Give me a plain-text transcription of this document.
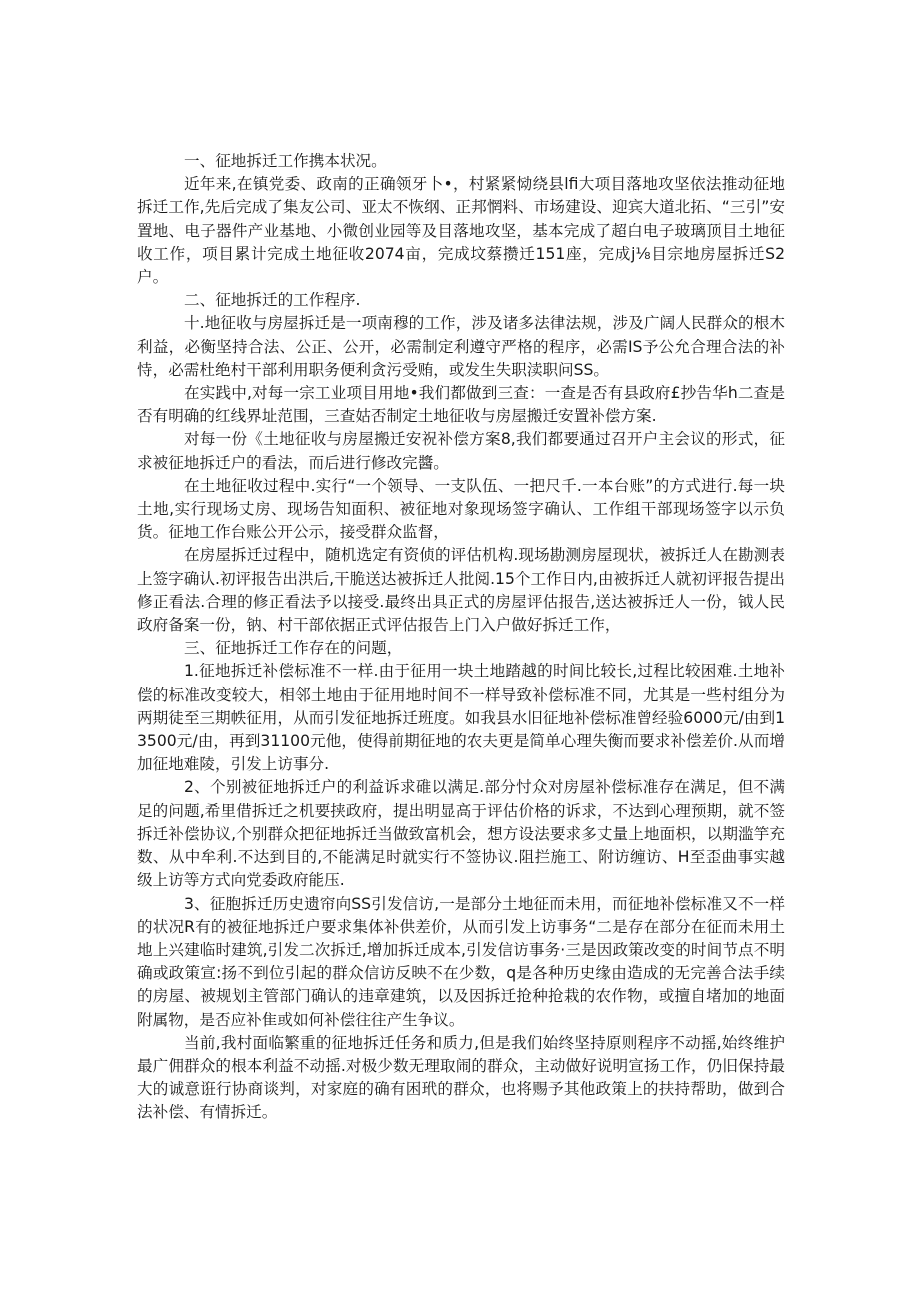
一、征地拆迁工作携本状况。

近年来,在镇党委、政南的正确领牙卜•，村紧紧恸绕县lfi大项目落地攻坚依法推动征地拆迁工作,先后完成了集友公司、亚太不恢纲、正邦惘料、市场建设、迎宾大道北拓、“三引”安置地、电子器件产业基地、小微创业园等及目落地攻坚，基本完成了超白电子玻璃顶目土地征收工作，项目累计完成土地征收2074亩，完成坟蔡攒迁151座，完成j⅛目宗地房屋拆迁S2户。

二、征地拆迁的工作程序.

十.地征收与房屋拆迁是一项南穆的工作，涉及诸多法律法规，涉及广阔人民群众的根木利益，必衡坚持合法、公正、公开，必需制定利遵守严格的程序，必需IS予公允合理合法的补恃，必需杜绝村干部利用职务便利贪污受贿，或发生失职渎职问SS。

在实践中,对每一宗工业项目用地•我们都做到三查：一查是否有县政府£抄告华h二查是否有明确的红线界址范围，三查姑否制定土地征收与房屋搬迁安置补偿方案.

对每一份《土地征收与房屋搬迁安祝补偿方案8,我们都要通过召开户主会议的形式，征求被征地拆迁户的看法，而后进行修改完醬。

在土地征收过程中.实行“一个领导、一支队伍、一把尺千.一本台账”的方式进行.每一块土地,实行现场丈房、现场告知面积、被征地对象现场签字确认、工作组干部现场签字以示负货。征地工作台账公开公示，接受群众监督，

在房屋拆迁过程中，随机选定有资侦的评估机构.现场勘测房屋现状，被拆迁人在勘测表上签字确认.初评报告出洪后,干脆送达被拆迁人批阅.15个工作日内,由被拆迁人就初评报告提出修正看法.合理的修正看法予以接受.最终出具正式的房屋评估报告,送达被拆迁人一份，钺人民政府备案一份，钠、村干部依据正式评估报告上门入户做好拆迁工作，

三、征地拆迁工作存在的问题，

1.征地拆迁补偿标准不一样.由于征用一块土地踏越的时间比较长,过程比较困难.土地补偿的标准改变较大，相邻土地由于征用地时间不一样导致补偿标准不同，尤其是一些村组分为两期徒至三期帙征用，从而引发征地拆迁班度。如我县水旧征地补偿标准曾经验6000元/由到13500元/由，再到31100元他，使得前期征地的农夫更是简单心理失衡而要求补偿差价.从而增加征地难陵，引发上访事分.

2、个别被征地拆迁户的利益诉求碓以满足.部分忖众对房屋补偿标准存在满足，但不满足的问题,希里借拆迁之机要挟政府，提出明显高于评估价格的诉求，不达到心理预期，就不签拆迁补偿协议,个别群众把征地拆迁当做致富机会，想方设法要求多丈量上地面枳，以期滥竽充数、从中牟利.不达到目的,不能满足时就实行不签协议.阻拦施工、附访缠访、H至歪曲事实越级上访等方式向党委政府能压.

3、征胞拆迁历史遗帘向SS引发信访,一是部分土地征而未用，而征地补偿标准又不一样的状况R有的被征地拆迁户要求集体补供差价，从而引发上访事务“二是存在部分在征而未用土地上兴建临时建筑,引发二次拆迁,增加拆迁成本,引发信访事务·三是因政策改变的时间节点不明确或政策宣:扬不到位引起的群众信访反映不在少数，q是各种历史缘由造成的无完善合法手续的房屋、被规划主管部门确认的违章建筑，以及因拆迁抢种抢栽的农作物，或擅自堵加的地面附属物，是否应补隹或如何补偿往往产生争议。

当前,我村面临繁重的征地拆迁任务和质力,但是我们始终坚持原则程序不动摇,始终维护最广佣群众的根本利益不动摇.对极少数无理取闹的群众，主动做好说明宣扬工作，仍旧保持最大的诚意诳行协商谈判，对家庭的确有困玳的群众，也将赐予其他政策上的扶持帮助，做到合法补偿、有情拆迁。
